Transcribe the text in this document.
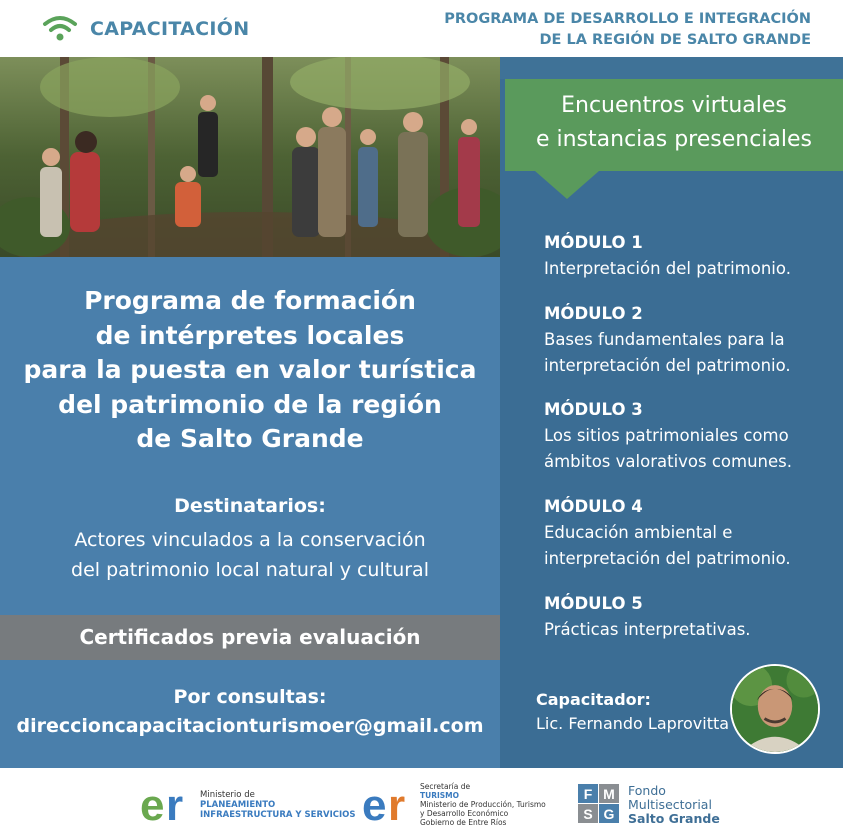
CAPACITACIÓN	PROGRAMA DE DESARROLLO E INTEGRACIÓN
DE LA REGIÓN DE SALTO GRANDE
Programa de formación
de intérpretes locales
para la puesta en valor turística
del patrimonio de la región
de Salto Grande
Destinatarios:
Actores vinculados a la conservación
del patrimonio local natural y cultural
Certificados previa evaluación
Por consultas:
direccioncapacitacionturismoer@gmail.com
Encuentros virtuales
e instancias presenciales
MÓDULO 1
Interpretación del patrimonio.
MÓDULO 2
Bases fundamentales para la
interpretación del patrimonio.
MÓDULO 3
Los sitios patrimoniales como
ámbitos valorativos comunes.
MÓDULO 4
Educación ambiental e
interpretación del patrimonio.
MÓDULO 5
Prácticas interpretativas.
Capacitador:
Lic. Fernando Laprovitta
e r Ministerio de
PLANEAMIENTO
INFRAESTRUCTURA Y SERVICIOS e r Secretaría de
TURISMO
Ministerio de Producción, Turismo
y Desarrollo Económico
Gobierno de Entre Ríos
F M
S G
Fondo
Multisectorial
Salto Grande
